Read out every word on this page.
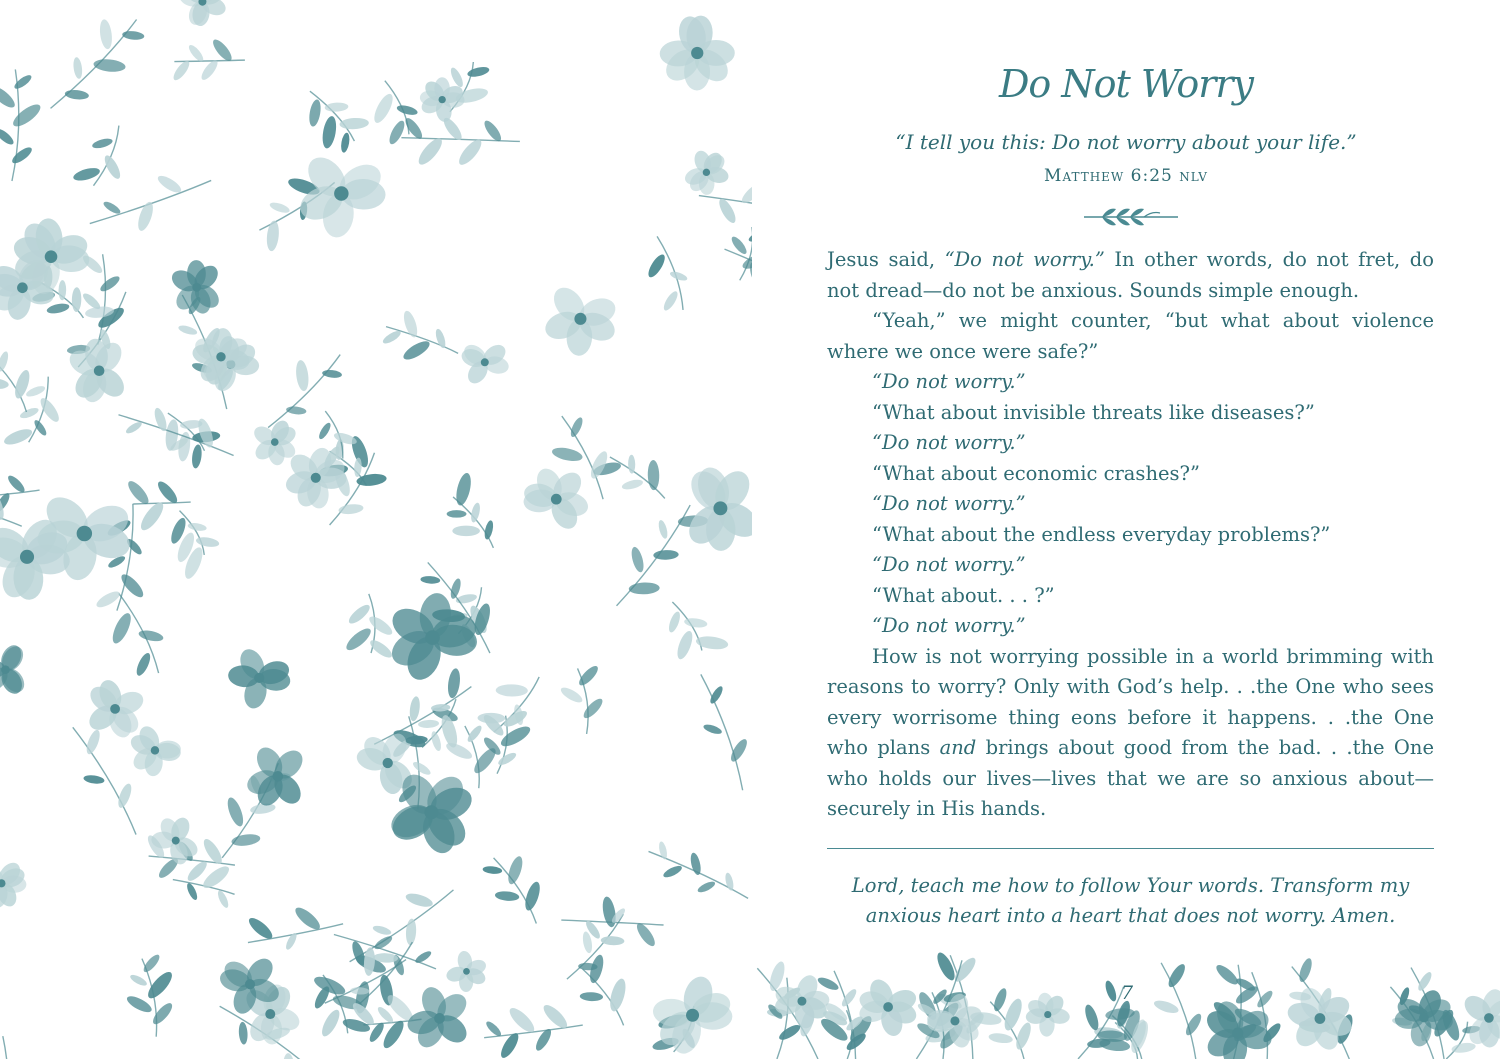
Do Not Worry
“I tell you this: Do not worry about your life.”
Matthew 6:25 nlv

Jesus said, “Do not worry.” In other words, do not fret, do not dread—do not be anxious. Sounds simple enough.

“Yeah,” we might counter, “but what about violence where we once were safe?”

“Do not worry.”

“What about invisible threats like diseases?”

“Do not worry.”

“What about economic crashes?”

“Do not worry.”

“What about the endless everyday problems?”

“Do not worry.”

“What about. . . ?”

“Do not worry.”

How is not worrying possible in a world brimming with reasons to worry? Only with God’s help. . .the One who sees every worrisome thing eons before it happens. . .the One who plans and brings about good from the bad. . .the One who holds our lives—lives that we are so anxious about—securely in His hands.

Lord, teach me how to follow Your words. Transform my anxious heart into a heart that does not worry. Amen.
7
